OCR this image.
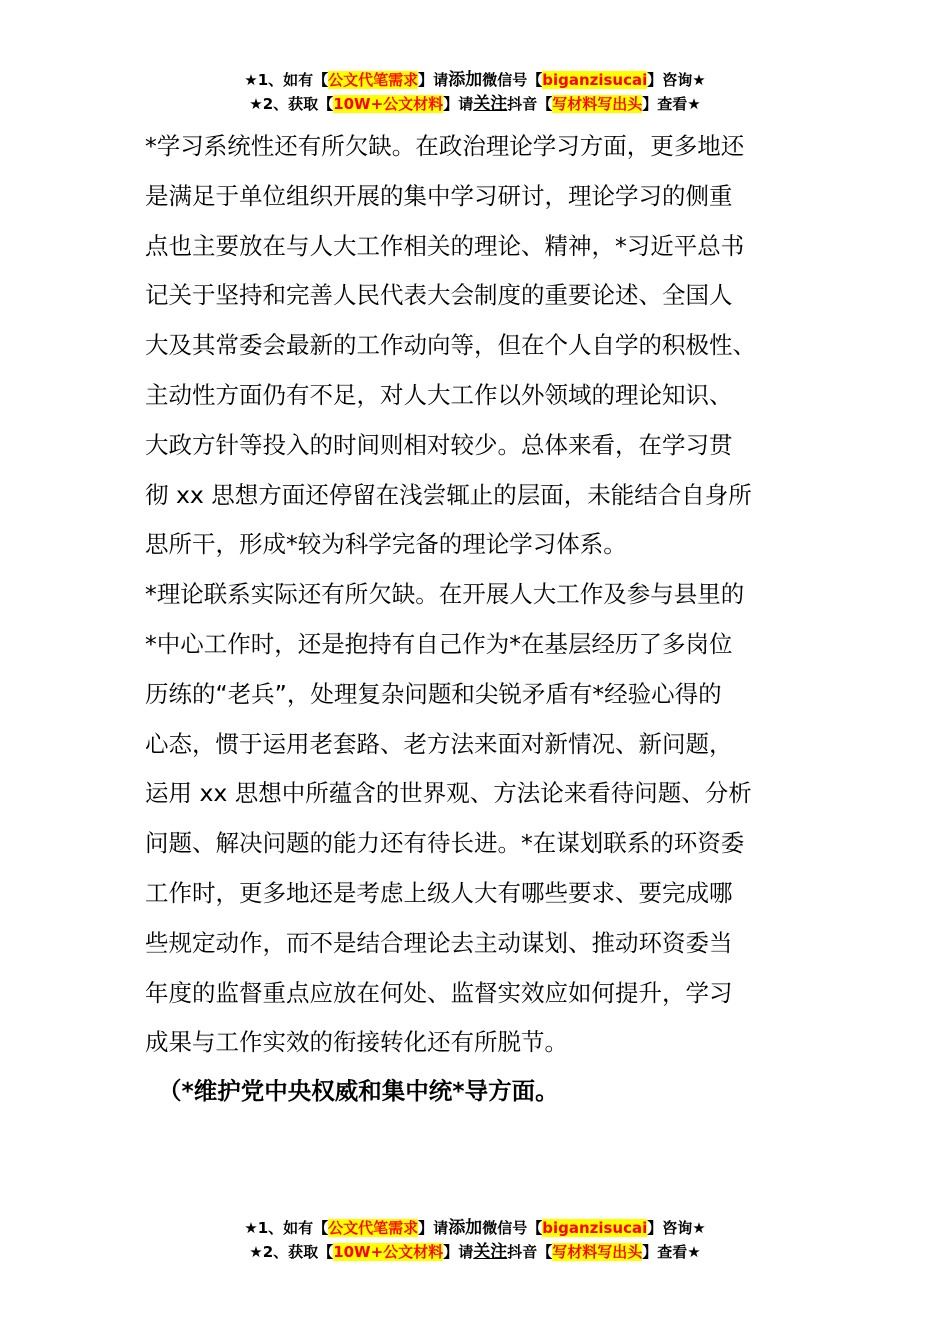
★1、如有【公文代笔需求】请添加微信号【biganzisucai】咨询★
★2、获取【10W+公文材料】请关注抖音【写材料写出头】查看★
*学习系统性还有所欠缺。在政治理论学习方面，更多地还
是满足于单位组织开展的集中学习研讨，理论学习的侧重
点也主要放在与人大工作相关的理论、精神，*习近平总书
记关于坚持和完善人民代表大会制度的重要论述、全国人
大及其常委会最新的工作动向等，但在个人自学的积极性、
主动性方面仍有不足，对人大工作以外领域的理论知识、
大政方针等投入的时间则相对较少。总体来看，在学习贯
彻 xx 思想方面还停留在浅尝辄止的层面，未能结合自身所
思所干，形成*较为科学完备的理论学习体系。
*理论联系实际还有所欠缺。在开展人大工作及参与县里的
*中心工作时，还是抱持有自己作为*在基层经历了多岗位
历练的“老兵”，处理复杂问题和尖锐矛盾有*经验心得的
心态，惯于运用老套路、老方法来面对新情况、新问题，
运用 xx 思想中所蕴含的世界观、方法论来看待问题、分析
问题、解决问题的能力还有待长进。*在谋划联系的环资委
工作时，更多地还是考虑上级人大有哪些要求、要完成哪
些规定动作，而不是结合理论去主动谋划、推动环资委当
年度的监督重点应放在何处、监督实效应如何提升，学习
成果与工作实效的衔接转化还有所脱节。
（*维护党中央权威和集中统*导方面。
★1、如有【公文代笔需求】请添加微信号【biganzisucai】咨询★
★2、获取【10W+公文材料】请关注抖音【写材料写出头】查看★
